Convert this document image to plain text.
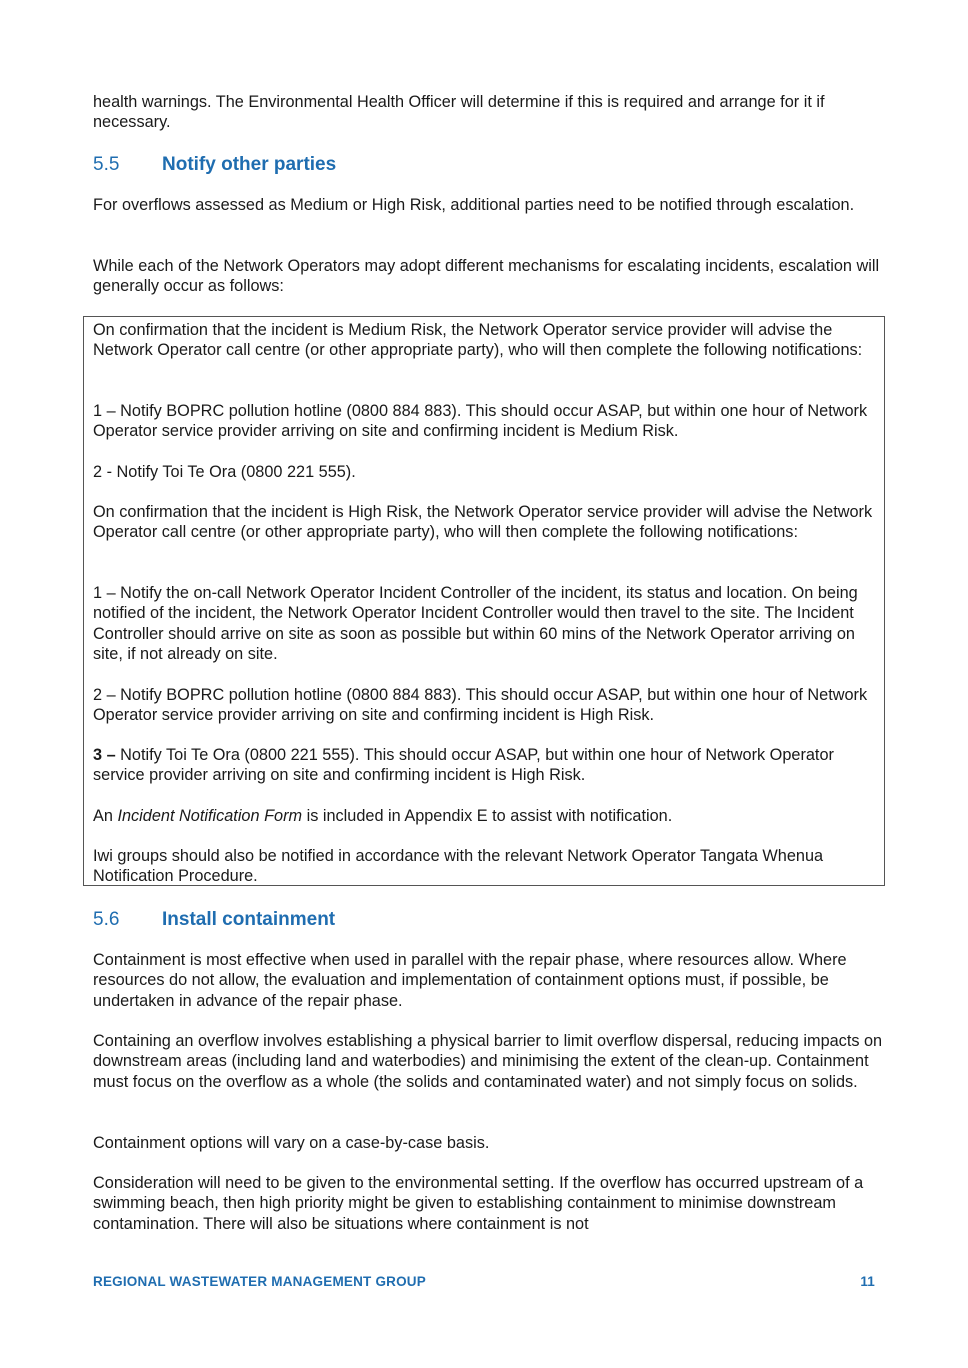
health warnings. The Environmental Health Officer will determine if this is required and arrange for it if necessary.

5.5 Notify other parties

For overflows assessed as Medium or High Risk, additional parties need to be notified through escalation.

While each of the Network Operators may adopt different mechanisms for escalating incidents, escalation will generally occur as follows:

On confirmation that the incident is Medium Risk, the Network Operator service provider will advise the Network Operator call centre (or other appropriate party), who will then complete the following notifications:

1 – Notify BOPRC pollution hotline (0800 884 883). This should occur ASAP, but within one hour of Network Operator service provider arriving on site and confirming incident is Medium Risk.

2 - Notify Toi Te Ora (0800 221 555).

On confirmation that the incident is High Risk, the Network Operator service provider will advise the Network Operator call centre (or other appropriate party), who will then complete the following notifications:

1 – Notify the on-call Network Operator Incident Controller of the incident, its status and location. On being notified of the incident, the Network Operator Incident Controller would then travel to the site. The Incident Controller should arrive on site as soon as possible but within 60 mins of the Network Operator arriving on site, if not already on site.

2 – Notify BOPRC pollution hotline (0800 884 883). This should occur ASAP, but within one hour of Network Operator service provider arriving on site and confirming incident is High Risk.

3 – Notify Toi Te Ora (0800 221 555). This should occur ASAP, but within one hour of Network Operator service provider arriving on site and confirming incident is High Risk.

An Incident Notification Form is included in Appendix E to assist with notification.

Iwi groups should also be notified in accordance with the relevant Network Operator Tangata Whenua Notification Procedure.

5.6 Install containment

Containment is most effective when used in parallel with the repair phase, where resources allow. Where resources do not allow, the evaluation and implementation of containment options must, if possible, be undertaken in advance of the repair phase.

Containing an overflow involves establishing a physical barrier to limit overflow dispersal, reducing impacts on downstream areas (including land and waterbodies) and minimising the extent of the clean-up. Containment must focus on the overflow as a whole (the solids and contaminated water) and not simply focus on solids.

Containment options will vary on a case-by-case basis.

Consideration will need to be given to the environmental setting. If the overflow has occurred upstream of a swimming beach, then high priority might be given to establishing containment to minimise downstream contamination. There will also be situations where containment is not

REGIONAL WASTEWATER MANAGEMENT GROUP	11
